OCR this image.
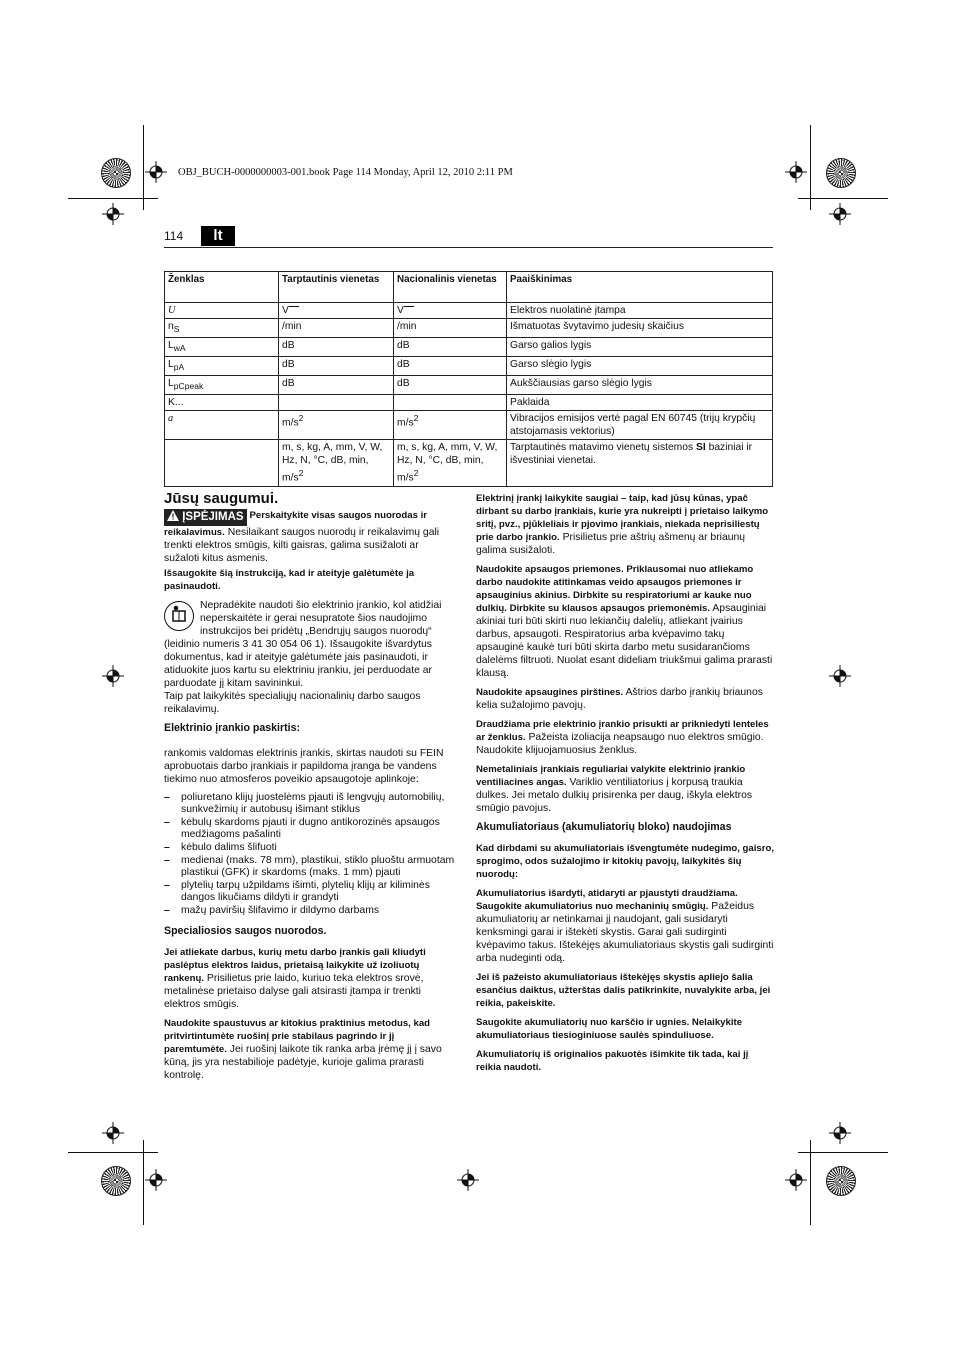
OBJ_BUCH-0000000003-001.book Page 114 Monday, April 12, 2010 2:11 PM
114	lt
Ženklas	Tarptautinis vienetas	Nacionalinis vienetas	Paaiškinimas
U	V	V	Elektros nuolatinė įtampa
$n_S$	/min	/min	Išmatuotas švytavimo judesių skaičius
$L_{wA}$	dB	dB	Garso galios lygis
$L_{pA}$	dB	dB	Garso slėgio lygis
$L_{pCpeak}$	dB	dB	Aukščiausias garso slėgio lygis
K...			Paklaida
a	$m/s^2$	$m/s^2$	Vibracijos emisijos vertė pagal EN 60745 (trijų krypčių atstojamasis vektorius)
	m, s, kg, A, mm, V, W, Hz, N, °C, dB, min, $m/s^2$	m, s, kg, A, mm, V, W, Hz, N, °C, dB, min, $m/s^2$	Tarptautinės matavimo vienetų sistemos SI baziniai ir išvestiniai vienetai.
Jūsų saugumui.

ĮSPĖJIMAS Perskaitykite visas saugos nuorodas ir reikalavimus. Nesilaikant saugos nuorodų ir reikalavimų gali trenkti elektros smūgis, kilti gaisras, galima susižaloti ar sužaloti kitus asmenis.

Išsaugokite šią instrukciją, kad ir ateityje galėtumėte ja pasinaudoti.

Nepradėkite naudoti šio elektrinio įrankio, kol atidžiai neperskaitėte ir gerai nesupratote šios naudojimo instrukcijos bei pridėtų „Bendrųjų saugos nuorodų“ (leidinio numeris 3 41 30 054 06 1). Išsaugokite išvardytus dokumentus, kad ir ateityje galėtumėte jais pasinaudoti, ir atiduokite juos kartu su elektriniu įrankiu, jei perduodate ar parduodate jį kitam savininkui.

Taip pat laikykitės specialiųjų nacionalinių darbo saugos reikalavimų.

Elektrinio įrankio paskirtis:

rankomis valdomas elektrinis įrankis, skirtas naudoti su FEIN aprobuotais darbo įrankiais ir papildoma įranga be vandens tiekimo nuo atmosferos poveikio apsaugotoje aplinkoje:

– poliuretano klijų juostelėms pjauti iš lengvųjų automobilių, sunkvežimių ir autobusų išimant stiklus
– kėbulų skardoms pjauti ir dugno antikorozinės apsaugos medžiagoms pašalinti
– kėbulo dalims šlifuoti
– medienai (maks. 78 mm), plastikui, stiklo pluoštu armuotam plastikui (GFK) ir skardoms (maks. 1 mm) pjauti
– plytelių tarpų užpildams išimti, plytelių klijų ar kiliminės dangos likučiams dildyti ir grandyti
– mažų paviršių šlifavimo ir dildymo darbams
Specialiosios saugos nuorodos.

Jei atliekate darbus, kurių metu darbo įrankis gali kliudyti paslėptus elektros laidus, prietaisą laikykite už izoliuotų rankenų. Prisilietus prie laido, kuriuo teka elektros srovė, metalinėse prietaiso dalyse gali atsirasti įtampa ir trenkti elektros smūgis.

Naudokite spaustuvus ar kitokius praktinius metodus, kad pritvirtintumėte ruošinį prie stabilaus pagrindo ir jį paremtumėte. Jei ruošinį laikote tik ranka arba įrėmę jį į savo kūną, jis yra nestabilioje padėtyje, kurioje galima prarasti kontrolę.

Elektrinį įrankį laikykite saugiai – taip, kad jūsų kūnas, ypač dirbant su darbo įrankiais, kurie yra nukreipti į prietaiso laikymo sritį, pvz., pjūkleliais ir pjovimo įrankiais, niekada neprisiliestų prie darbo įrankio. Prisilietus prie aštrių ašmenų ar briaunų galima susižaloti.

Naudokite apsaugos priemones. Priklausomai nuo atliekamo darbo naudokite atitinkamas veido apsaugos priemones ir apsauginius akinius. Dirbkite su respiratoriumi ar kauke nuo dulkių. Dirbkite su klausos apsaugos priemonėmis. Apsauginiai akiniai turi būti skirti nuo lekiančių dalelių, atliekant įvairius darbus, apsaugoti. Respiratorius arba kvėpavimo takų apsauginė kaukė turi būti skirta darbo metu susidarančioms dalelėms filtruoti. Nuolat esant dideliam triukšmui galima prarasti klausą.

Naudokite apsaugines pirštines. Aštrios darbo įrankių briaunos kelia sužalojimo pavojų.

Draudžiama prie elektrinio įrankio prisukti ar prikniedyti lenteles ar ženklus. Pažeista izoliacija neapsaugo nuo elektros smūgio. Naudokite klijuojamuosius ženklus.

Nemetaliniais įrankiais reguliariai valykite elektrinio įrankio ventiliacines angas. Variklio ventiliatorius į korpusą traukia dulkes. Jei metalo dulkių prisirenka per daug, iškyla elektros smūgio pavojus.

Akumuliatoriaus (akumuliatorių bloko) naudojimas

Kad dirbdami su akumuliatoriais išvengtumėte nudegimo, gaisro, sprogimo, odos sužalojimo ir kitokių pavojų, laikykitės šių nuorodų:

Akumuliatorius išardyti, atidaryti ar pjaustyti draudžiama. Saugokite akumuliatorius nuo mechaninių smūgių. Pažeidus akumuliatorių ar netinkamai jį naudojant, gali susidaryti kenksmingi garai ir ištekėti skystis. Garai gali sudirginti kvėpavimo takus. Ištekėjęs akumuliatoriaus skystis gali sudirginti arba nudeginti odą.

Jei iš pažeisto akumuliatoriaus ištekėjęs skystis apliejo šalia esančius daiktus, užterštas dalis patikrinkite, nuvalykite arba, jei reikia, pakeiskite.

Saugokite akumuliatorių nuo karščio ir ugnies. Nelaikykite akumuliatoriaus tiesioginiuose saulės spinduliuose.

Akumuliatorių iš originalios pakuotės išimkite tik tada, kai jį reikia naudoti.
